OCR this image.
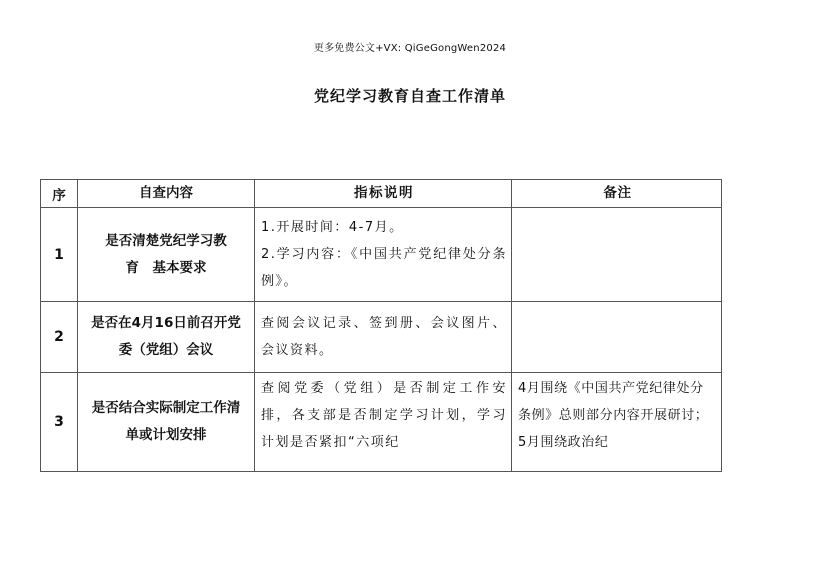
更多免费公文+VX: QiGeGongWen2024
党纪学习教育自查工作清单
序	自查内容	指标说明	备注
1	是否清楚党纪学习教
育　基本要求	1.开展时间：4-7月。
2.学习内容：《中国共产党纪律处分条例》。	

2	是否在4月16日前召开党委（党组）会议	查阅会议记录、签到册、会议图片、会议资料。	

3	是否结合实际制定工作清单或计划安排	查阅党委（党组）是否制定工作安排，各支部是否制定学习计划，学习计划是否紧扣“六项纪	4月围绕《中国共产党纪律处分条例》总则部分内容开展研讨；5月围绕政治纪
